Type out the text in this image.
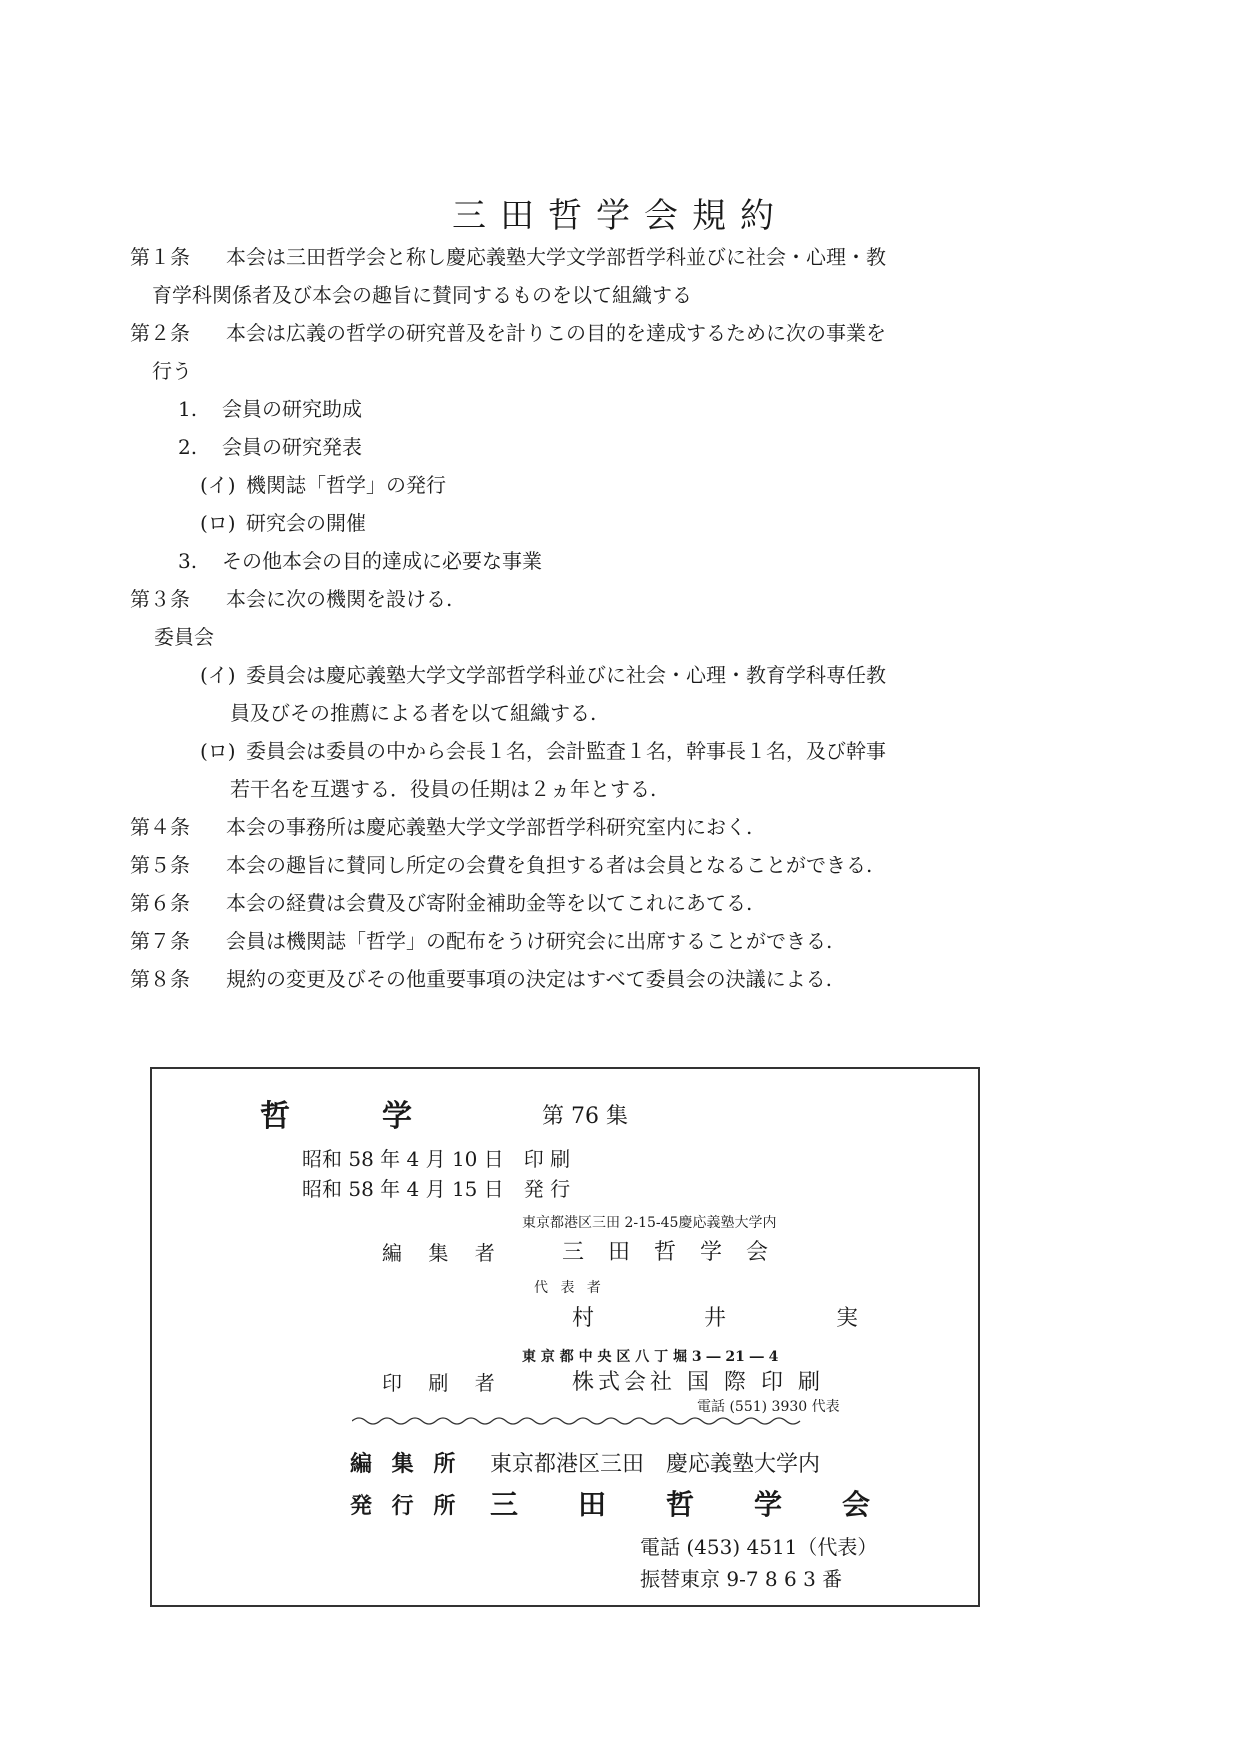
三田哲学会規約
第１条	本会は三田哲学会と称し慶応義塾大学文学部哲学科並びに社会・心理・教
育学科関係者及び本会の趣旨に賛同するものを以て組織する
第２条	本会は広義の哲学の研究普及を計りこの目的を達成するために次の事業を
行う
1. 会員の研究助成
2. 会員の研究発表
(イ) 機関誌「哲学」の発行
(ロ) 研究会の開催
3. その他本会の目的達成に必要な事業
第３条	本会に次の機関を設ける.
委員会
(イ) 委員会は慶応義塾大学文学部哲学科並びに社会・心理・教育学科専任教
員及びその推薦による者を以て組織する.
(ロ) 委員会は委員の中から会長１名，会計監査１名，幹事長１名，及び幹事
若干名を互選する．役員の任期は２ヵ年とする.
第４条	本会の事務所は慶応義塾大学文学部哲学科研究室内におく.
第５条	本会の趣旨に賛同し所定の会費を負担する者は会員となることができる.
第６条	本会の経費は会費及び寄附金補助金等を以てこれにあてる.
第７条	会員は機関誌「哲学」の配布をうけ研究会に出席することができる.
第８条	規約の変更及びその他重要事項の決定はすべて委員会の決議による.
哲	学	第 76 集
昭和 58 年 4 月 10 日　印 刷
昭和 58 年 4 月 15 日　発 行
東京都港区三田 2-15-45慶応義塾大学内
編 集 者	三田哲学会
代 表 者
村井実
東 京 都 中 央 区 八 丁 堀 3 ― 21 ― 4
印 刷 者	株式会社 国 際 印 刷
電話 (551) 3930 代表
編 集 所 東京都港区三田　慶応義塾大学内
発 行 所 三田哲学会
電話 (453) 4511（代表）
振替東京 9-7 8 6 3 番
